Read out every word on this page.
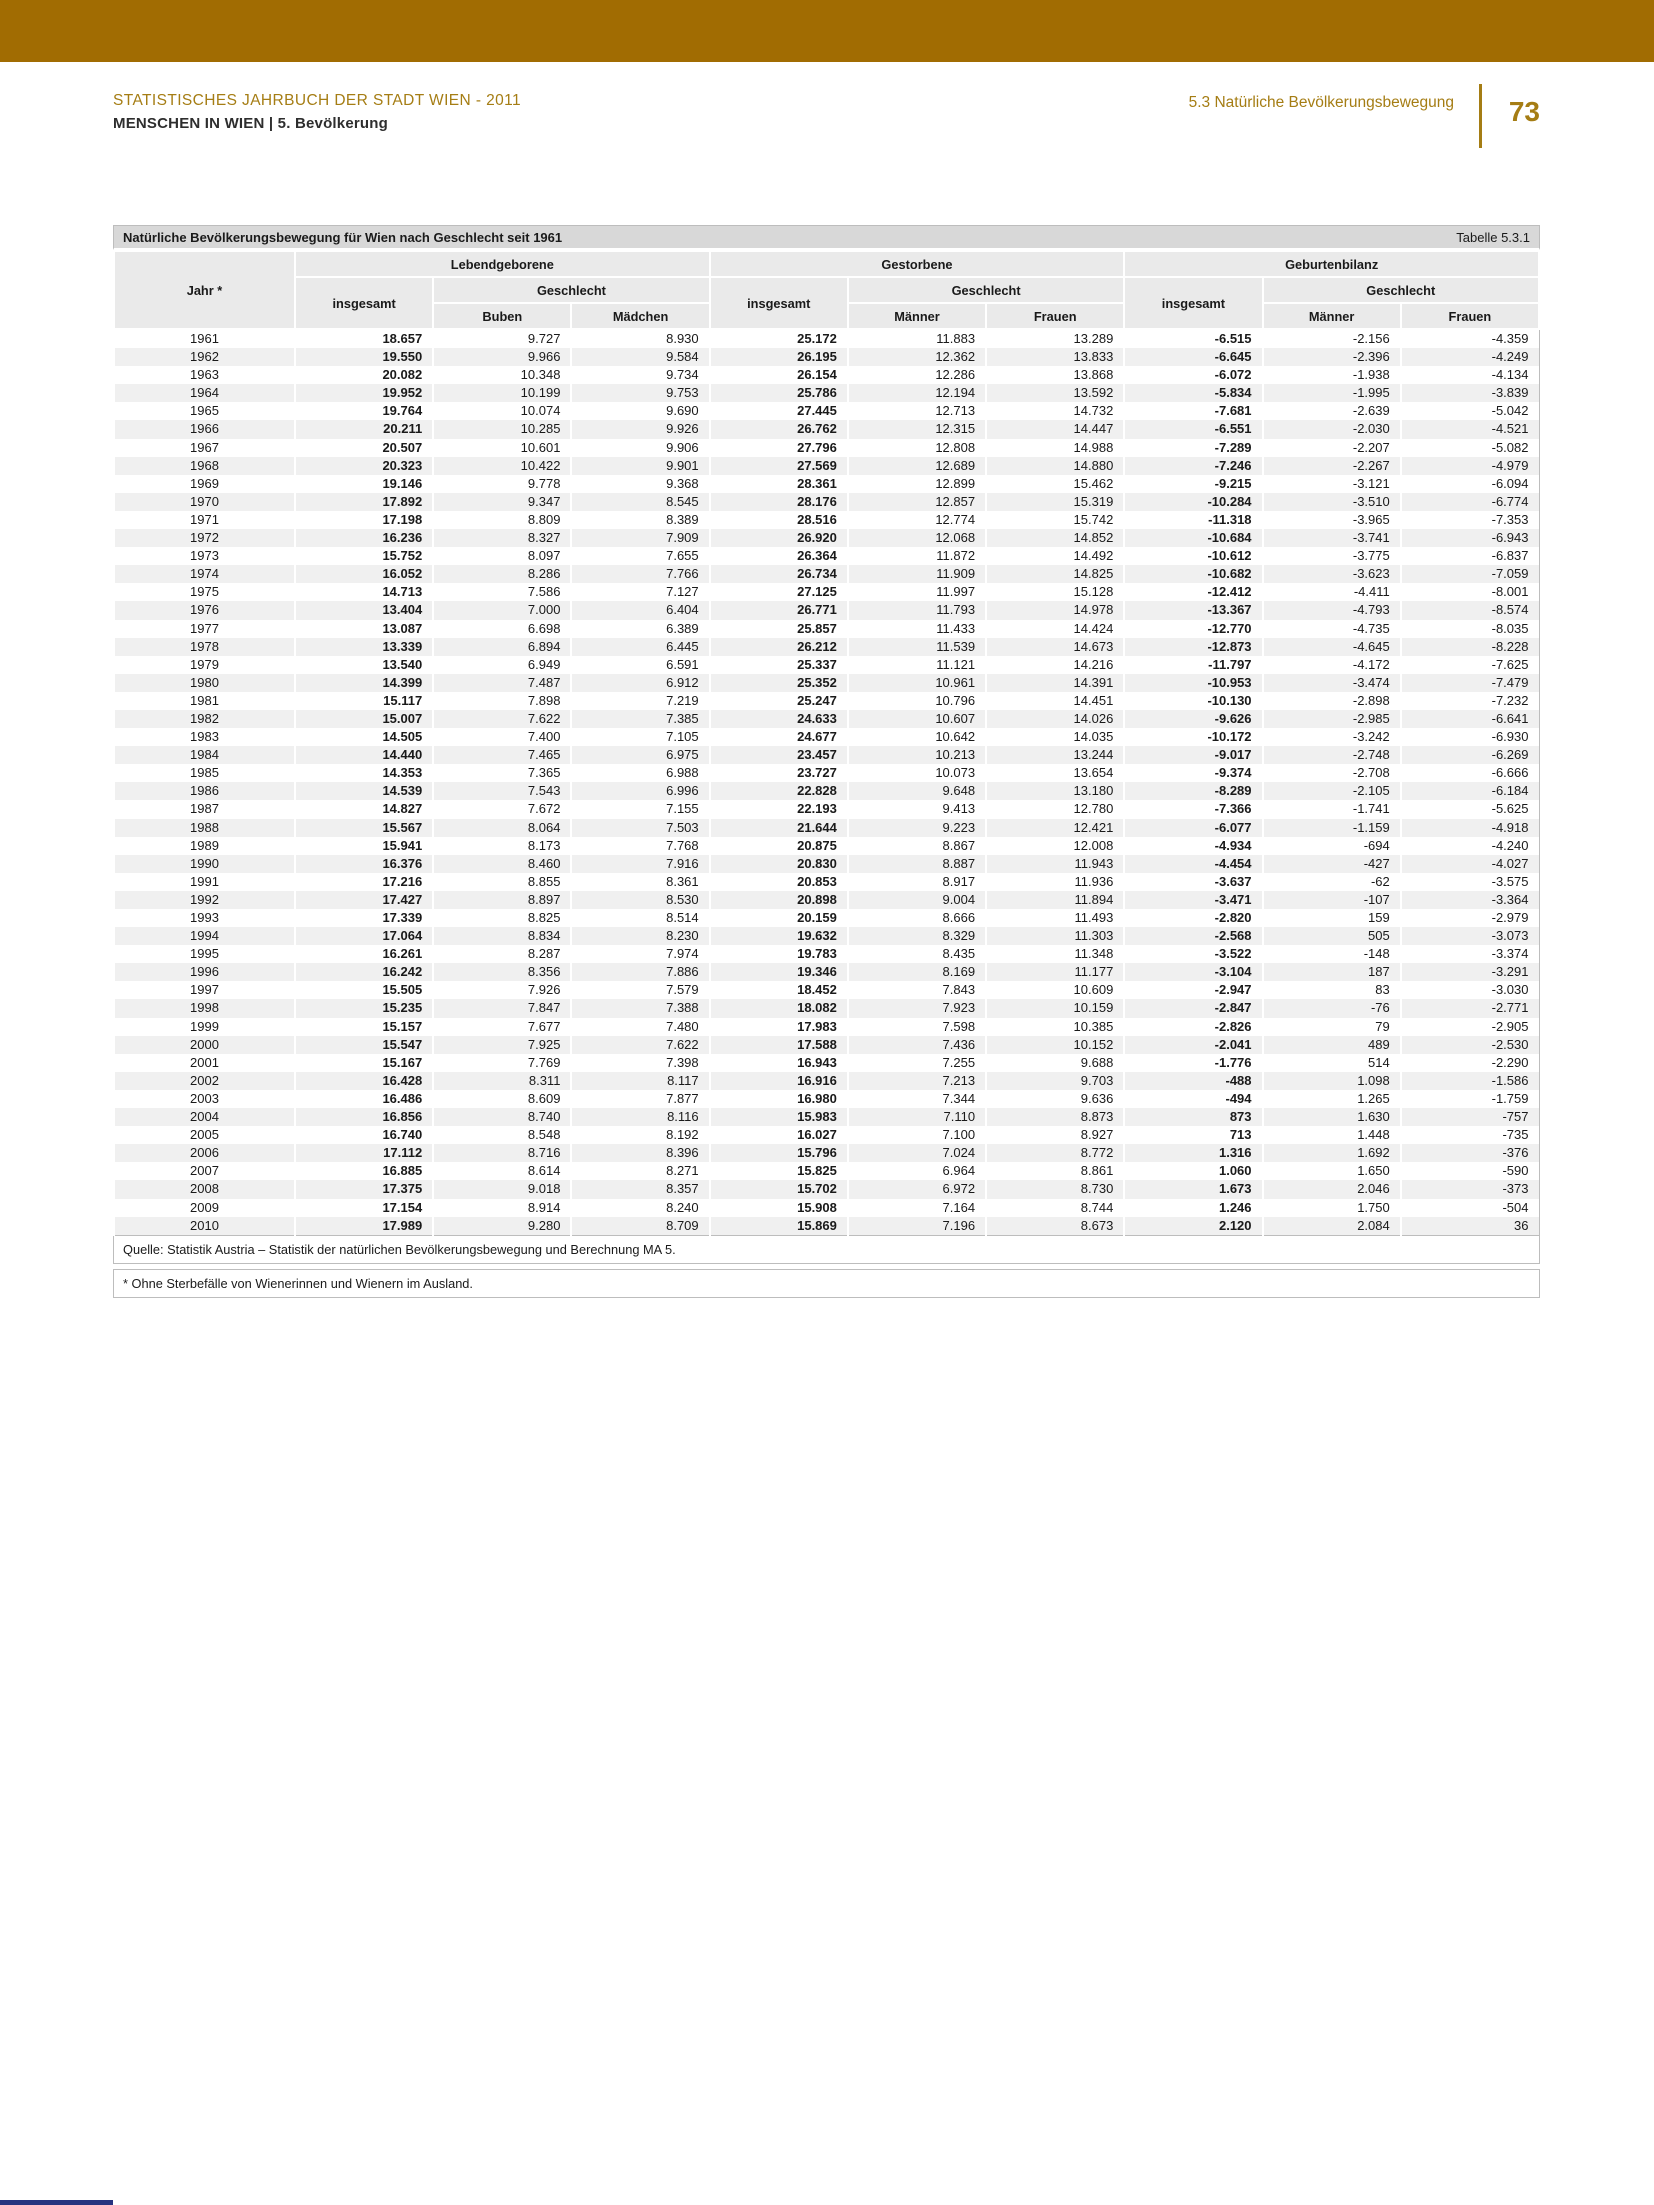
STATISTISCHES JAHRBUCH DER STADT WIEN - 2011
MENSCHEN IN WIEN | 5. Bevölkerung
5.3 Natürliche Bevölkerungsbewegung 73
Natürliche Bevölkerungsbewegung für Wien nach Geschlecht seit 1961	Tabelle 5.3.1
Jahr *	Lebendgeborene			Gestorbene			Geburtenbilanz		
	insgesamt	Geschlecht		insgesamt	Geschlecht		insgesamt	Geschlecht	
		Buben	Mädchen		Männer	Frauen		Männer	Frauen
1961	18.657	9.727	8.930	25.172	11.883	13.289	-6.515	-2.156	-4.359
1962	19.550	9.966	9.584	26.195	12.362	13.833	-6.645	-2.396	-4.249
1963	20.082	10.348	9.734	26.154	12.286	13.868	-6.072	-1.938	-4.134
1964	19.952	10.199	9.753	25.786	12.194	13.592	-5.834	-1.995	-3.839
1965	19.764	10.074	9.690	27.445	12.713	14.732	-7.681	-2.639	-5.042
1966	20.211	10.285	9.926	26.762	12.315	14.447	-6.551	-2.030	-4.521
1967	20.507	10.601	9.906	27.796	12.808	14.988	-7.289	-2.207	-5.082
1968	20.323	10.422	9.901	27.569	12.689	14.880	-7.246	-2.267	-4.979
1969	19.146	9.778	9.368	28.361	12.899	15.462	-9.215	-3.121	-6.094
1970	17.892	9.347	8.545	28.176	12.857	15.319	-10.284	-3.510	-6.774
1971	17.198	8.809	8.389	28.516	12.774	15.742	-11.318	-3.965	-7.353
1972	16.236	8.327	7.909	26.920	12.068	14.852	-10.684	-3.741	-6.943
1973	15.752	8.097	7.655	26.364	11.872	14.492	-10.612	-3.775	-6.837
1974	16.052	8.286	7.766	26.734	11.909	14.825	-10.682	-3.623	-7.059
1975	14.713	7.586	7.127	27.125	11.997	15.128	-12.412	-4.411	-8.001
1976	13.404	7.000	6.404	26.771	11.793	14.978	-13.367	-4.793	-8.574
1977	13.087	6.698	6.389	25.857	11.433	14.424	-12.770	-4.735	-8.035
1978	13.339	6.894	6.445	26.212	11.539	14.673	-12.873	-4.645	-8.228
1979	13.540	6.949	6.591	25.337	11.121	14.216	-11.797	-4.172	-7.625
1980	14.399	7.487	6.912	25.352	10.961	14.391	-10.953	-3.474	-7.479
1981	15.117	7.898	7.219	25.247	10.796	14.451	-10.130	-2.898	-7.232
1982	15.007	7.622	7.385	24.633	10.607	14.026	-9.626	-2.985	-6.641
1983	14.505	7.400	7.105	24.677	10.642	14.035	-10.172	-3.242	-6.930
1984	14.440	7.465	6.975	23.457	10.213	13.244	-9.017	-2.748	-6.269
1985	14.353	7.365	6.988	23.727	10.073	13.654	-9.374	-2.708	-6.666
1986	14.539	7.543	6.996	22.828	9.648	13.180	-8.289	-2.105	-6.184
1987	14.827	7.672	7.155	22.193	9.413	12.780	-7.366	-1.741	-5.625
1988	15.567	8.064	7.503	21.644	9.223	12.421	-6.077	-1.159	-4.918
1989	15.941	8.173	7.768	20.875	8.867	12.008	-4.934	-694	-4.240
1990	16.376	8.460	7.916	20.830	8.887	11.943	-4.454	-427	-4.027
1991	17.216	8.855	8.361	20.853	8.917	11.936	-3.637	-62	-3.575
1992	17.427	8.897	8.530	20.898	9.004	11.894	-3.471	-107	-3.364
1993	17.339	8.825	8.514	20.159	8.666	11.493	-2.820	159	-2.979
1994	17.064	8.834	8.230	19.632	8.329	11.303	-2.568	505	-3.073
1995	16.261	8.287	7.974	19.783	8.435	11.348	-3.522	-148	-3.374
1996	16.242	8.356	7.886	19.346	8.169	11.177	-3.104	187	-3.291
1997	15.505	7.926	7.579	18.452	7.843	10.609	-2.947	83	-3.030
1998	15.235	7.847	7.388	18.082	7.923	10.159	-2.847	-76	-2.771
1999	15.157	7.677	7.480	17.983	7.598	10.385	-2.826	79	-2.905
2000	15.547	7.925	7.622	17.588	7.436	10.152	-2.041	489	-2.530
2001	15.167	7.769	7.398	16.943	7.255	9.688	-1.776	514	-2.290
2002	16.428	8.311	8.117	16.916	7.213	9.703	-488	1.098	-1.586
2003	16.486	8.609	7.877	16.980	7.344	9.636	-494	1.265	-1.759
2004	16.856	8.740	8.116	15.983	7.110	8.873	873	1.630	-757
2005	16.740	8.548	8.192	16.027	7.100	8.927	713	1.448	-735
2006	17.112	8.716	8.396	15.796	7.024	8.772	1.316	1.692	-376
2007	16.885	8.614	8.271	15.825	6.964	8.861	1.060	1.650	-590
2008	17.375	9.018	8.357	15.702	6.972	8.730	1.673	2.046	-373
2009	17.154	8.914	8.240	15.908	7.164	8.744	1.246	1.750	-504
2010	17.989	9.280	8.709	15.869	7.196	8.673	2.120	2.084	36
Quelle: Statistik Austria – Statistik der natürlichen Bevölkerungsbewegung und Berechnung MA 5.
* Ohne Sterbefälle von Wienerinnen und Wienern im Ausland.
